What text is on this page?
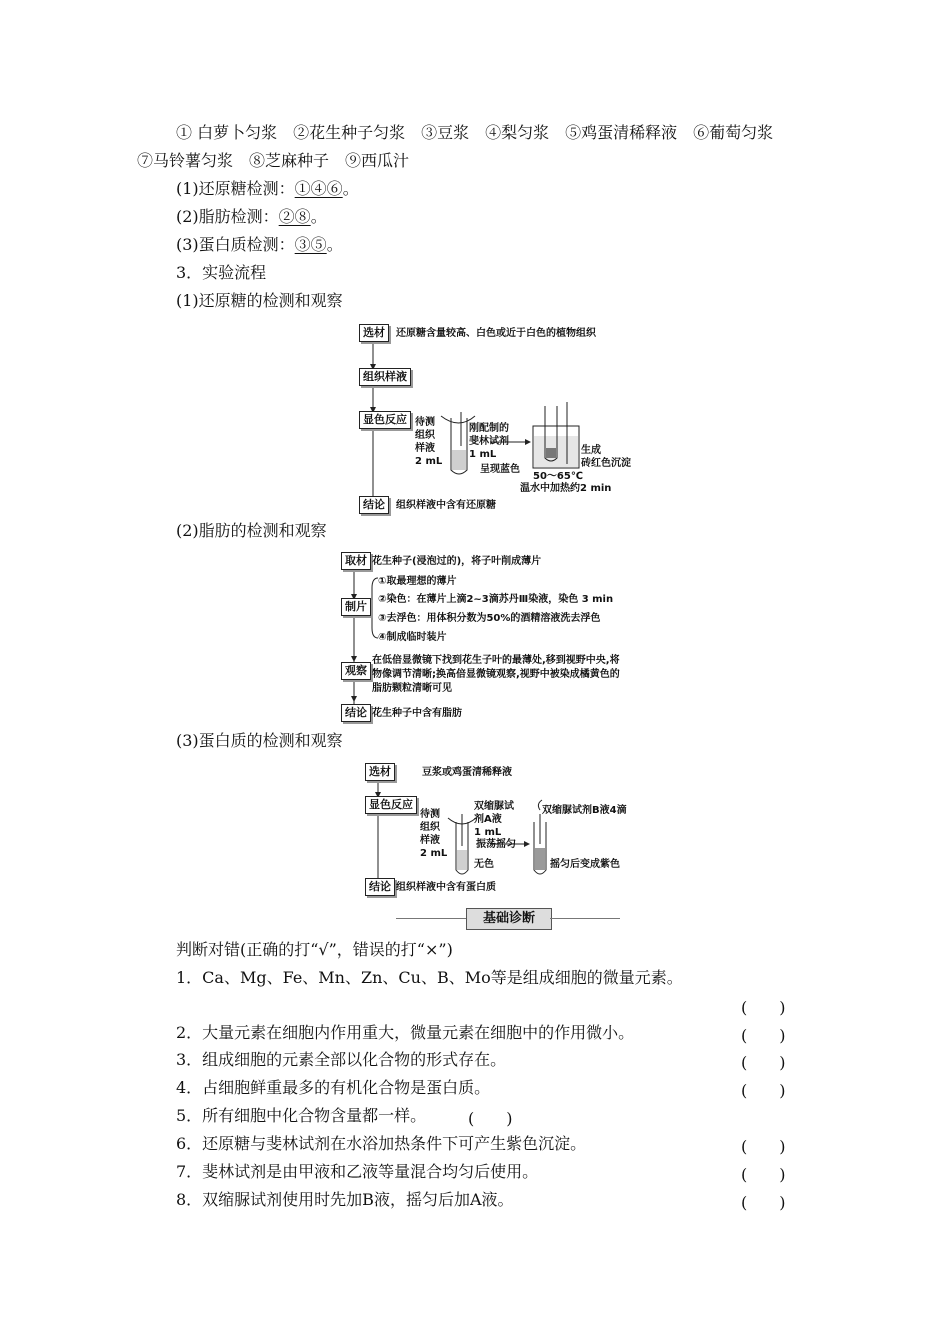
① 白萝卜匀浆　②花生种子匀浆　③豆浆　④梨匀浆　⑤鸡蛋清稀释液　⑥葡萄匀浆
⑦马铃薯匀浆　⑧芝麻种子　⑨西瓜汁
(1)还原糖检测：①④⑥。
(2)脂肪检测：②⑧。
(3)蛋白质检测：③⑤。
3．实验流程
(1)还原糖的检测和观察
选材	还原糖含量较高、白色或近于白色的植物组织
组织样液
显色反应 待测
组织
样液
2 mL
刚配制的
斐林试剂
1 mL
呈现蓝色
生成
砖红色沉淀
50～65℃
温水中加热约2 min
结论	组织样液中含有还原糖
(2)脂肪的检测和观察
取材 花生种子(浸泡过的)，将子叶削成薄片
制片
①取最理想的薄片
②染色：在薄片上滴2~3滴苏丹Ⅲ染液，染色 3 min
③去浮色：用体积分数为50%的酒精溶液洗去浮色
④制成临时装片
观察
在低倍显微镜下找到花生子叶的最薄处,移到视野中央,将
物像调节清晰;换高倍显微镜观察,视野中被染成橘黄色的
脂肪颗粒清晰可见
结论 花生种子中含有脂肪
(3)蛋白质的检测和观察
选材	豆浆或鸡蛋清稀释液
显色反应
待测
组织
样液
2 mL
双缩脲试
剂A液
1 mL
振荡摇匀
无色
双缩脲试剂B液4滴
摇匀后变成紫色
结论 组织样液中含有蛋白质
基础诊断
判断对错(正确的打“√”，错误的打“×”)
1．Ca、Mg、Fe、Mn、Zn、Cu、B、Mo等是组成细胞的微量元素。
(　　)
2．大量元素在细胞内作用重大，微量元素在细胞中的作用微小。	(　　)
3．组成细胞的元素全部以化合物的形式存在。	(　　)
4．占细胞鲜重最多的有机化合物是蛋白质。	(　　)
5．所有细胞中化合物含量都一样。	(　　)
6．还原糖与斐林试剂在水浴加热条件下可产生紫色沉淀。	(　　)
7．斐林试剂是由甲液和乙液等量混合均匀后使用。	(　　)
8．双缩脲试剂使用时先加B液，摇匀后加A液。	(　　)
